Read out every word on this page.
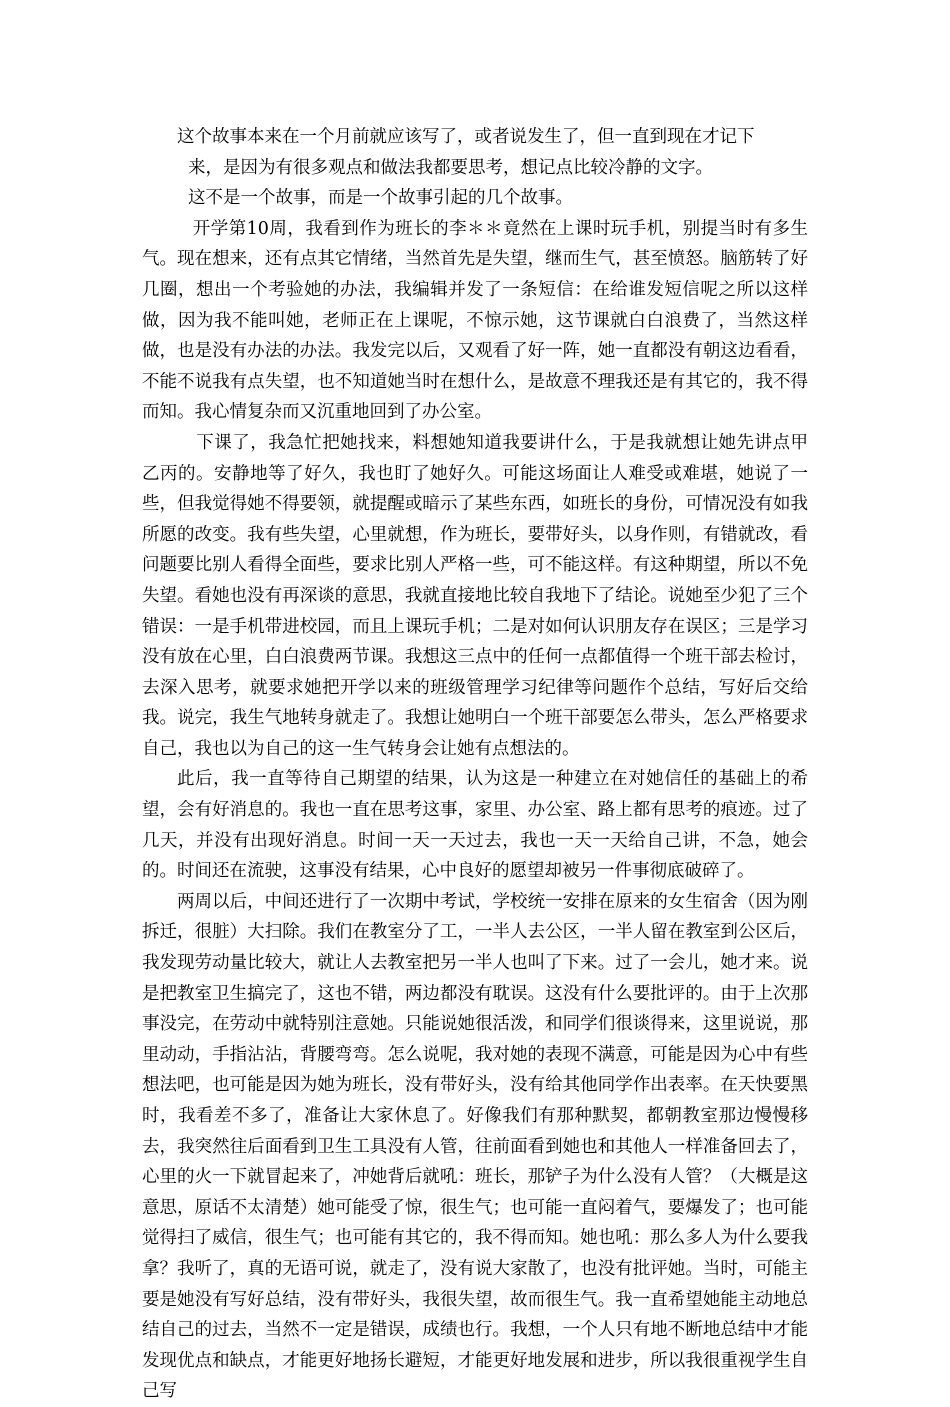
这个故事本来在一个月前就应该写了，或者说发生了，但一直到现在才记下

来，是因为有很多观点和做法我都要思考，想记点比较冷静的文字。

这不是一个故事，而是一个故事引起的几个故事。

开学第10周，我看到作为班长的李＊＊竟然在上课时玩手机，别提当时有多生气。现在想来，还有点其它情绪，当然首先是失望，继而生气，甚至愤怒。脑筋转了好几圈，想出一个考验她的办法，我编辑并发了一条短信：在给谁发短信呢之所以这样做，因为我不能叫她，老师正在上课呢，不惊示她，这节课就白白浪费了，当然这样做，也是没有办法的办法。我发完以后，又观看了好一阵，她一直都没有朝这边看看，不能不说我有点失望，也不知道她当时在想什么，是故意不理我还是有其它的，我不得而知。我心情复杂而又沉重地回到了办公室。

下课了，我急忙把她找来，料想她知道我要讲什么，于是我就想让她先讲点甲乙丙的。安静地等了好久，我也盯了她好久。可能这场面让人难受或难堪，她说了一些，但我觉得她不得要领，就提醒或暗示了某些东西，如班长的身份，可情况没有如我所愿的改变。我有些失望，心里就想，作为班长，要带好头，以身作则，有错就改，看问题要比别人看得全面些，要求比别人严格一些，可不能这样。有这种期望，所以不免失望。看她也没有再深谈的意思，我就直接地比较自我地下了结论。说她至少犯了三个错误：一是手机带进校园，而且上课玩手机；二是对如何认识朋友存在误区；三是学习没有放在心里，白白浪费两节课。我想这三点中的任何一点都值得一个班干部去检讨，去深入思考，就要求她把开学以来的班级管理学习纪律等问题作个总结，写好后交给我。说完，我生气地转身就走了。我想让她明白一个班干部要怎么带头，怎么严格要求自己，我也以为自己的这一生气转身会让她有点想法的。

此后，我一直等待自己期望的结果，认为这是一种建立在对她信任的基础上的希望，会有好消息的。我也一直在思考这事，家里、办公室、路上都有思考的痕迹。过了几天，并没有出现好消息。时间一天一天过去，我也一天一天给自己讲，不急，她会的。时间还在流驶，这事没有结果，心中良好的愿望却被另一件事彻底破碎了。

两周以后，中间还进行了一次期中考试，学校统一安排在原来的女生宿舍（因为刚拆迁，很脏）大扫除。我们在教室分了工，一半人去公区，一半人留在教室到公区后，我发现劳动量比较大，就让人去教室把另一半人也叫了下来。过了一会儿，她才来。说是把教室卫生搞完了，这也不错，两边都没有耽误。这没有什么要批评的。由于上次那事没完，在劳动中就特别注意她。只能说她很活泼，和同学们很谈得来，这里说说，那里动动，手指沾沾，背腰弯弯。怎么说呢，我对她的表现不满意，可能是因为心中有些想法吧，也可能是因为她为班长，没有带好头，没有给其他同学作出表率。在天快要黑时，我看差不多了，准备让大家休息了。好像我们有那种默契，都朝教室那边慢慢移去，我突然往后面看到卫生工具没有人管，往前面看到她也和其他人一样准备回去了，心里的火一下就冒起来了，冲她背后就吼：班长，那铲子为什么没有人管？（大概是这意思，原话不太清楚）她可能受了惊，很生气；也可能一直闷着气，要爆发了；也可能觉得扫了威信，很生气；也可能有其它的，我不得而知。她也吼：那么多人为什么要我拿？我听了，真的无语可说，就走了，没有说大家散了，也没有批评她。当时，可能主要是她没有写好总结，没有带好头，我很失望，故而很生气。我一直希望她能主动地总结自己的过去，当然不一定是错误，成绩也行。我想，一个人只有地不断地总结中才能发现优点和缺点，才能更好地扬长避短，才能更好地发展和进步，所以我很重视学生自己写
